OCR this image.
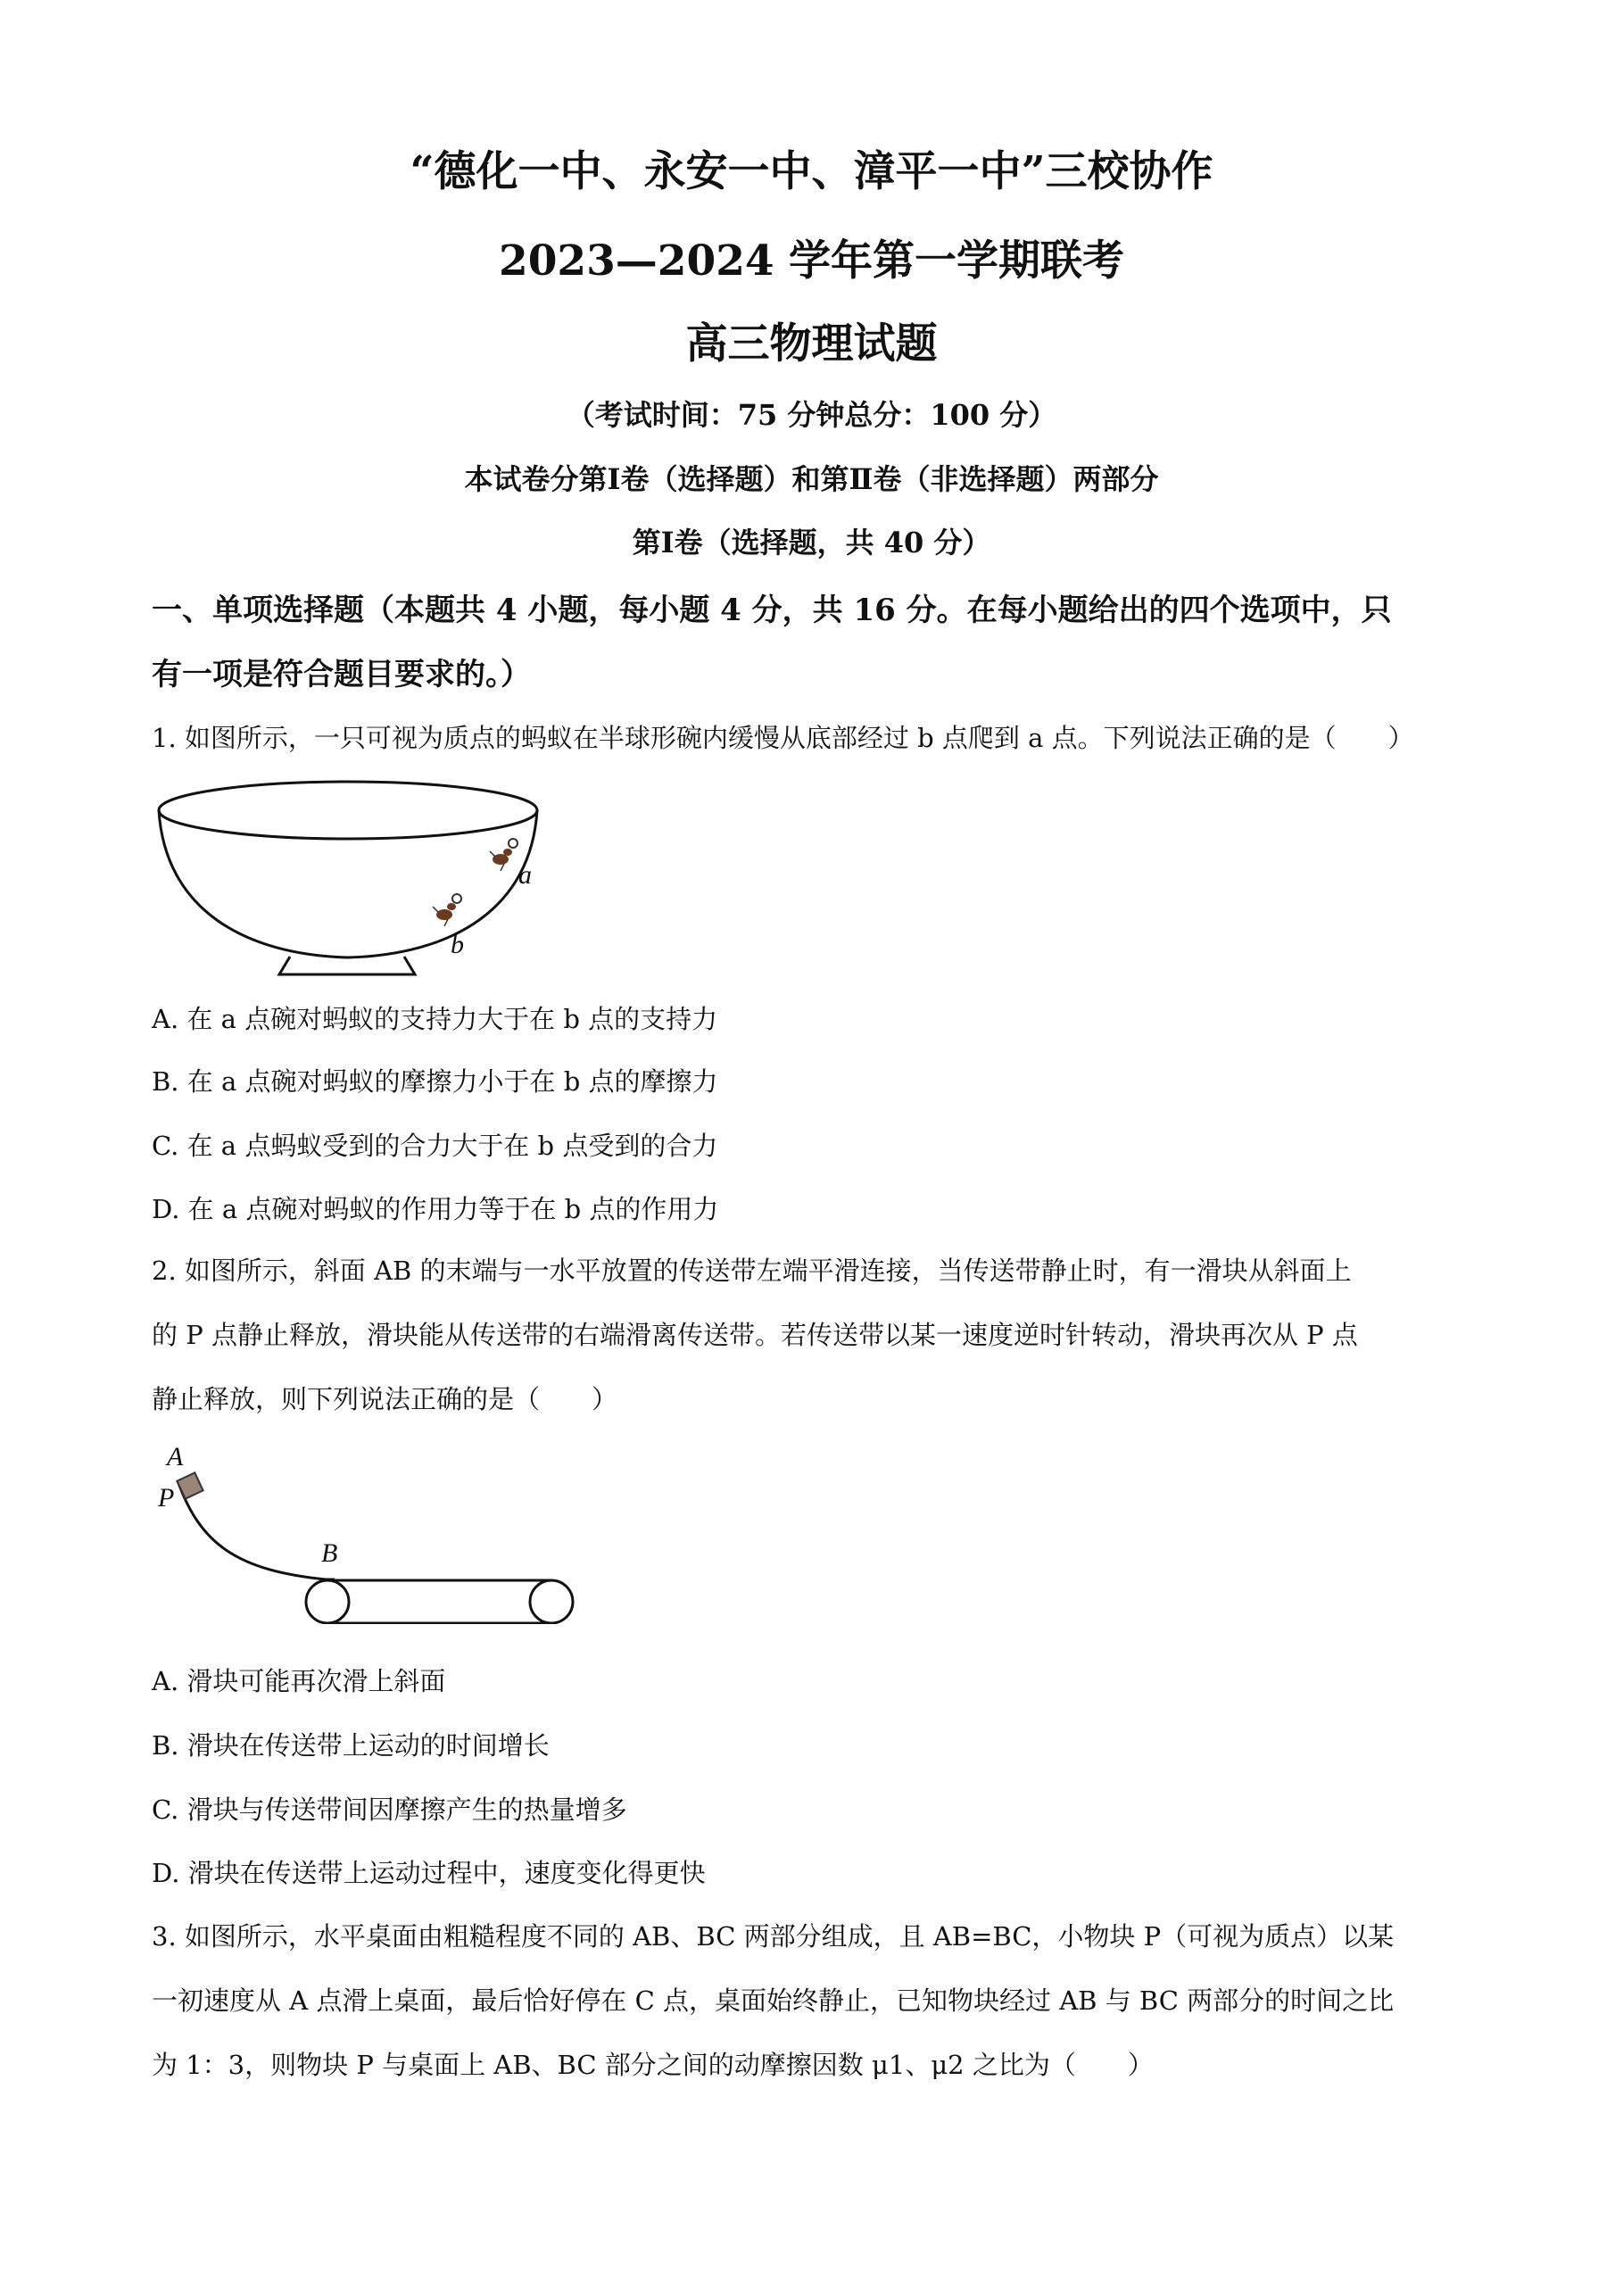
“德化一中、永安一中、漳平一中”三校协作
2023—2024 学年第一学期联考
高三物理试题
（考试时间：75 分钟总分：100 分）
本试卷分第Ⅰ卷（选择题）和第Ⅱ卷（非选择题）两部分
第Ⅰ卷（选择题，共 40 分）
一、单项选择题（本题共 4 小题，每小题 4 分，共 16 分。在每小题给出的四个选项中，只
有一项是符合题目要求的。）
1. 如图所示，一只可视为质点的蚂蚁在半球形碗内缓慢从底部经过 b 点爬到 a 点。下列说法正确的是（　　）
a
b
A. 在 a 点碗对蚂蚁的支持力大于在 b 点的支持力
B. 在 a 点碗对蚂蚁的摩擦力小于在 b 点的摩擦力
C. 在 a 点蚂蚁受到的合力大于在 b 点受到的合力
D. 在 a 点碗对蚂蚁的作用力等于在 b 点的作用力
2. 如图所示，斜面 AB 的末端与一水平放置的传送带左端平滑连接，当传送带静止时，有一滑块从斜面上
的 P 点静止释放，滑块能从传送带的右端滑离传送带。若传送带以某一速度逆时针转动，滑块再次从 P 点
静止释放，则下列说法正确的是（　　）
A
P
B
A. 滑块可能再次滑上斜面
B. 滑块在传送带上运动的时间增长
C. 滑块与传送带间因摩擦产生的热量增多
D. 滑块在传送带上运动过程中，速度变化得更快
3. 如图所示，水平桌面由粗糙程度不同的 AB、BC 两部分组成，且 AB=BC，小物块 P（可视为质点）以某
一初速度从 A 点滑上桌面，最后恰好停在 C 点，桌面始终静止，已知物块经过 AB 与 BC 两部分的时间之比
为 1：3，则物块 P 与桌面上 AB、BC 部分之间的动摩擦因数 μ1、μ2 之比为（　　）
